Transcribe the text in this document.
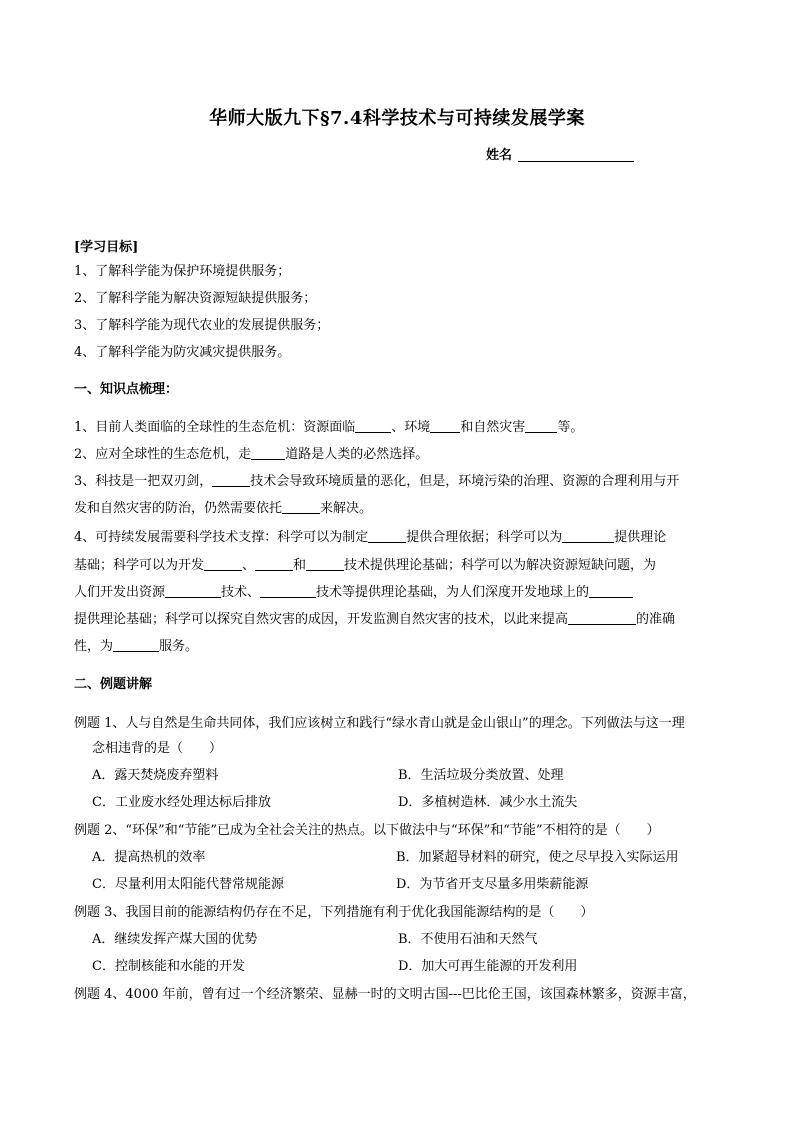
华师大版九下§7.4科学技术与可持续发展学案
姓名
[学习目标]
1、了解科学能为保护环境提供服务；
2、了解科学能为解决资源短缺提供服务；
3、了解科学能为现代农业的发展提供服务；
4、了解科学能为防灾减灾提供服务。
一、知识点梳理：
1、目前人类面临的全球性的生态危机：资源面临	、环境 和自然灾害 等。
2、应对全球性的生态危机，走	道路是人类的必然选择。
3、科技是一把双刃剑，	技术会导致环境质量的恶化，但是，环境污染的治理、资源的合理利用与开
发和自然灾害的防治，仍然需要依托	来解决。
4、可持续发展需要科学技术支撑：科学可以为制定	提供合理依据；科学可以为	提供理论
基础；科学可以为开发	、	和	技术提供理论基础；科学可以为解决资源短缺问题，为
人们开发出资源	技术、	技术等提供理论基础，为人们深度开发地球上的
提供理论基础；科学可以探究自然灾害的成因，开发监测自然灾害的技术，以此来提高	的准确
性，为	服务。
二、例题讲解
例题 1、人与自然是生命共同体，我们应该树立和践行“绿水青山就是金山银山”的理念。下列做法与这一理
念相违背的是（　　）
A．露天焚烧废弃塑料	B．生活垃圾分类放置、处理
C．工业废水经处理达标后排放	D．多植树造林．减少水土流失
例题 2、“环保”和“节能”已成为全社会关注的热点。以下做法中与“环保”和“节能”不相符的是（　　）
A．提高热机的效率	B．加紧超导材料的研究，使之尽早投入实际运用
C．尽量利用太阳能代替常规能源	D．为节省开支尽量多用柴薪能源
例题 3、我国目前的能源结构仍存在不足，下列措施有利于优化我国能源结构的是（　　）
A．继续发挥产煤大国的优势	B．不使用石油和天然气
C．控制核能和水能的开发	D．加大可再生能源的开发利用
例题 4、4000 年前，曾有过一个经济繁荣、显赫一时的文明古国---巴比伦王国，该国森林繁多，资源丰富，
